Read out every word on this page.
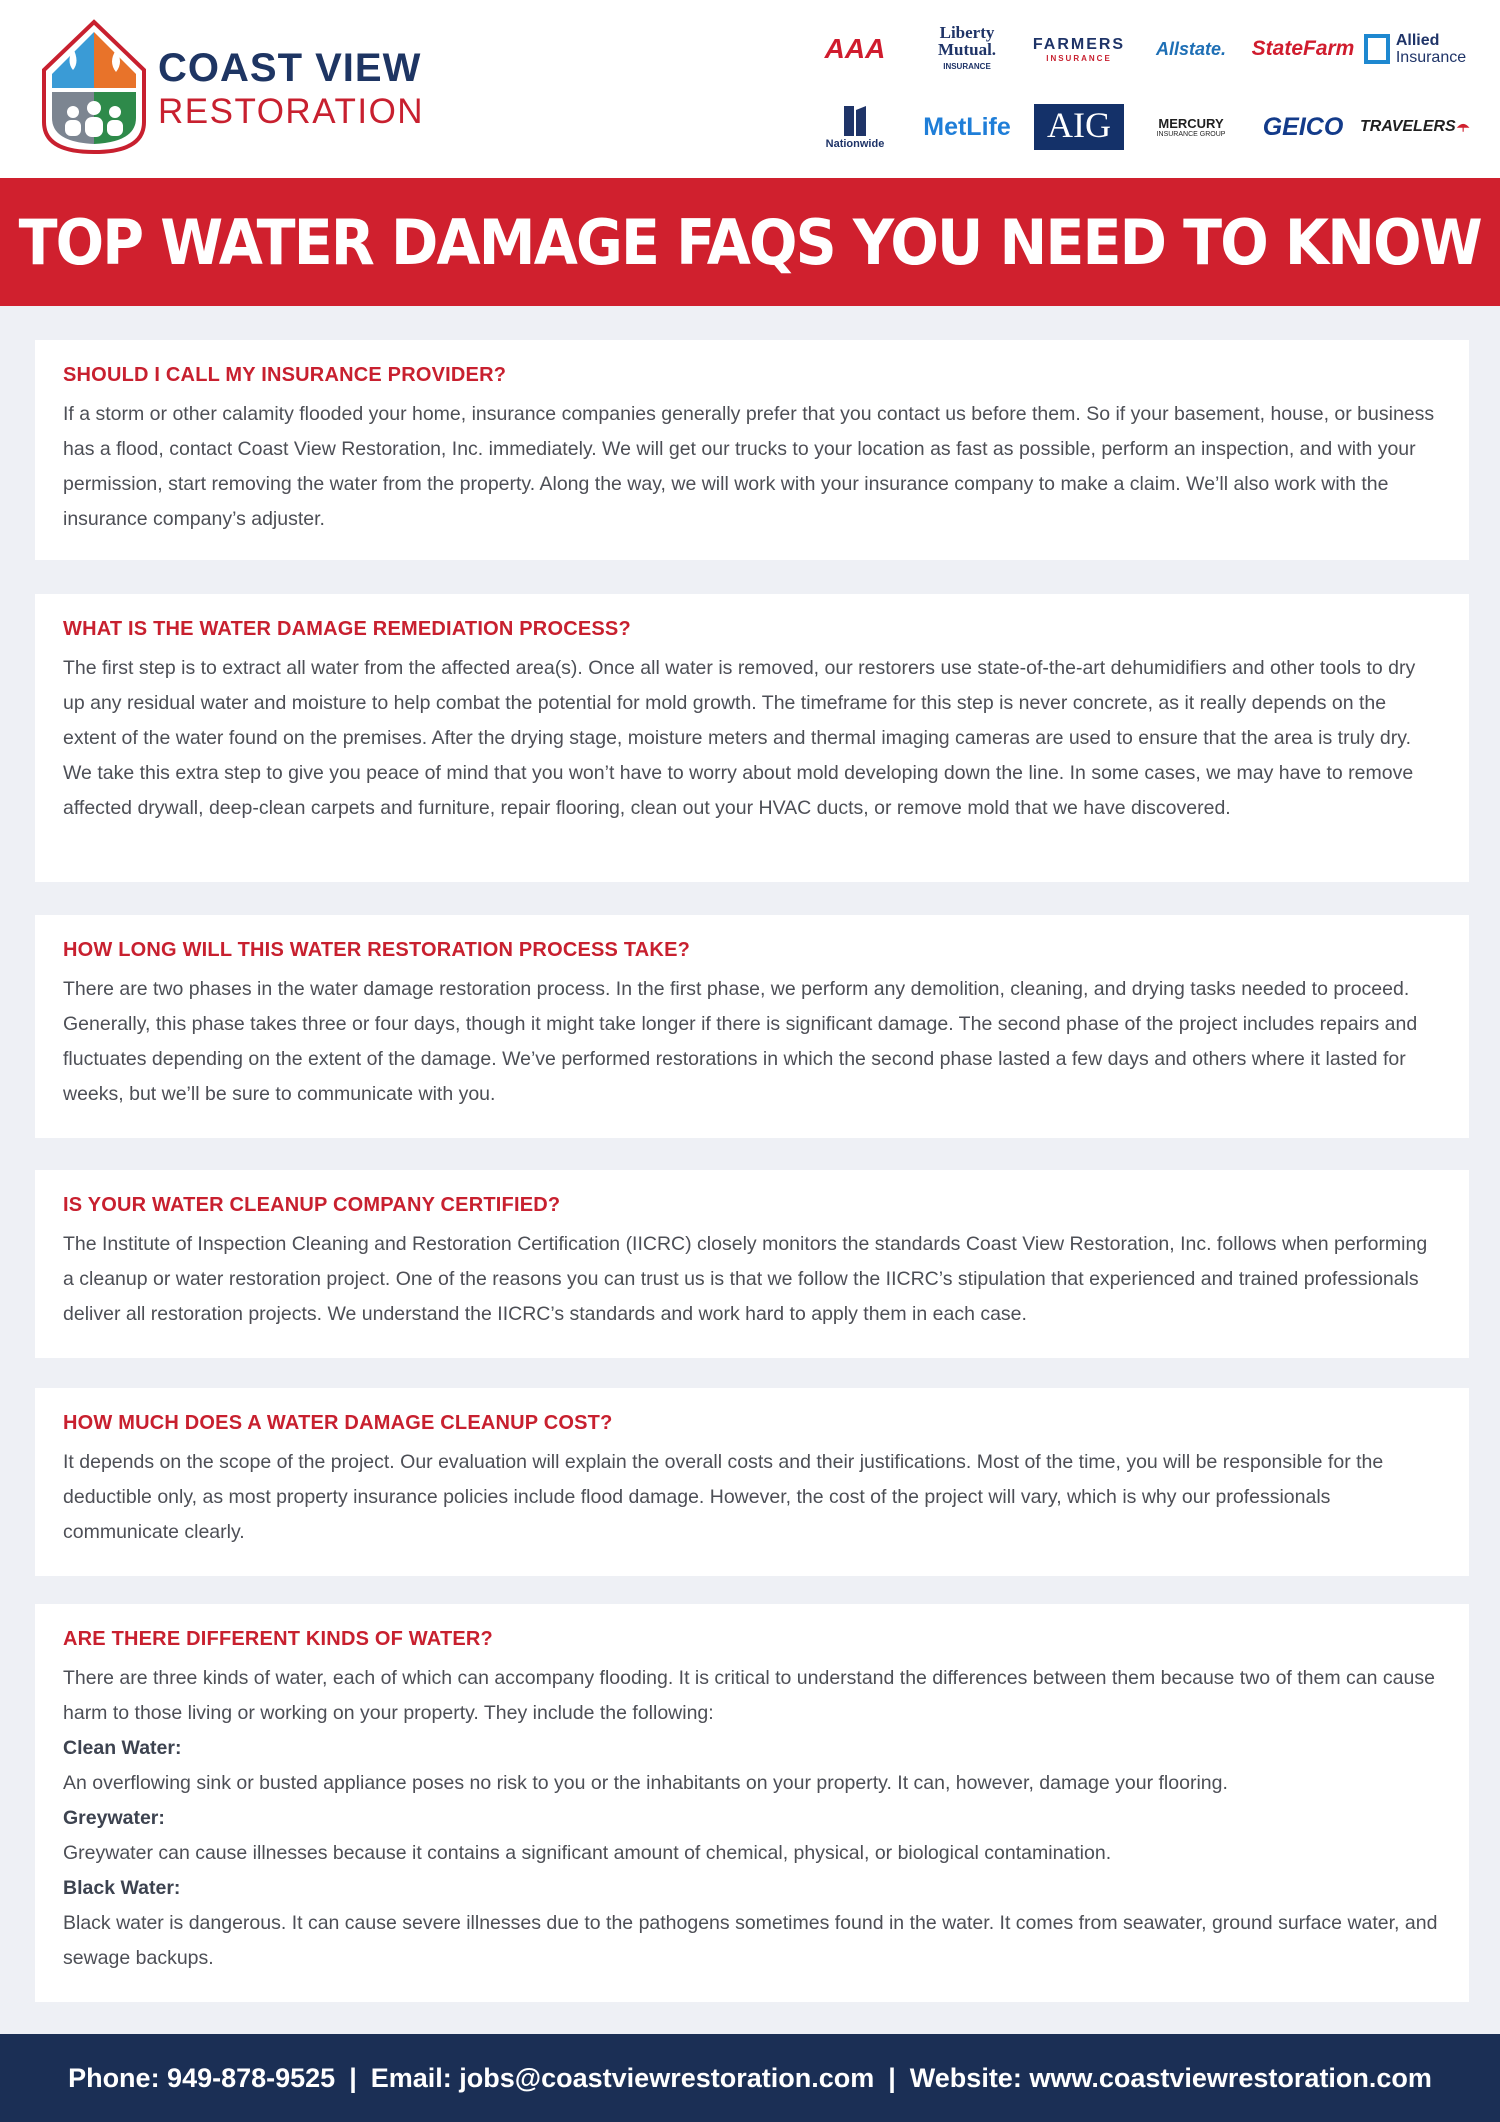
COAST VIEW
RESTORATION
AAA
Liberty
Mutual.
INSURANCE
FARMERS
INSURANCE Allstate. StateFarm	Allied
Insurance
Nationwide
MetLife	AIG	MERCURY
INSURANCE GROUP GEICO TRAVELERS
TOP WATER DAMAGE FAQS YOU NEED TO KNOW
SHOULD I CALL MY INSURANCE PROVIDER?

If a storm or other calamity flooded your home, insurance companies generally prefer that you contact us before them. So if your basement, house, or business has a flood, contact Coast View Restoration, Inc. immediately. We will get our trucks to your location as fast as possible, perform an inspection, and with your permission, start removing the water from the property. Along the way, we will work with your insurance company to make a claim. We’ll also work with the insurance company’s adjuster.

WHAT IS THE WATER DAMAGE REMEDIATION PROCESS?

The first step is to extract all water from the affected area(s). Once all water is removed, our restorers use state-of-the-art dehumidifiers and other tools to dry up any residual water and moisture to help combat the potential for mold growth. The timeframe for this step is never concrete, as it really depends on the extent of the water found on the premises. After the drying stage, moisture meters and thermal imaging cameras are used to ensure that the area is truly dry. We take this extra step to give you peace of mind that you won’t have to worry about mold developing down the line. In some cases, we may have to remove affected drywall, deep-clean carpets and furniture, repair flooring, clean out your HVAC ducts, or remove mold that we have discovered.

HOW LONG WILL THIS WATER RESTORATION PROCESS TAKE?

There are two phases in the water damage restoration process. In the first phase, we perform any demolition, cleaning, and drying tasks needed to proceed. Generally, this phase takes three or four days, though it might take longer if there is significant damage. The second phase of the project includes repairs and fluctuates depending on the extent of the damage. We’ve performed restorations in which the second phase lasted a few days and others where it lasted for weeks, but we’ll be sure to communicate with you.

IS YOUR WATER CLEANUP COMPANY CERTIFIED?

The Institute of Inspection Cleaning and Restoration Certification (IICRC) closely monitors the standards Coast View Restoration, Inc. follows when performing a cleanup or water restoration project. One of the reasons you can trust us is that we follow the IICRC’s stipulation that experienced and trained professionals deliver all restoration projects. We understand the IICRC’s standards and work hard to apply them in each case.

HOW MUCH DOES A WATER DAMAGE CLEANUP COST?

It depends on the scope of the project. Our evaluation will explain the overall costs and their justifications. Most of the time, you will be responsible for the deductible only, as most property insurance policies include flood damage. However, the cost of the project will vary, which is why our professionals communicate clearly.

ARE THERE DIFFERENT KINDS OF WATER?

There are three kinds of water, each of which can accompany flooding. It is critical to understand the differences between them because two of them can cause harm to those living or working on your property. They include the following:

Clean Water:

An overflowing sink or busted appliance poses no risk to you or the inhabitants on your property. It can, however, damage your flooring.

Greywater:

Greywater can cause illnesses because it contains a significant amount of chemical, physical, or biological contamination.

Black Water:

Black water is dangerous. It can cause severe illnesses due to the pathogens sometimes found in the water. It comes from seawater, ground surface water, and sewage backups.

Phone: 949-878-9525 | Email: jobs@coastviewrestoration.com | Website: www.coastviewrestoration.com
